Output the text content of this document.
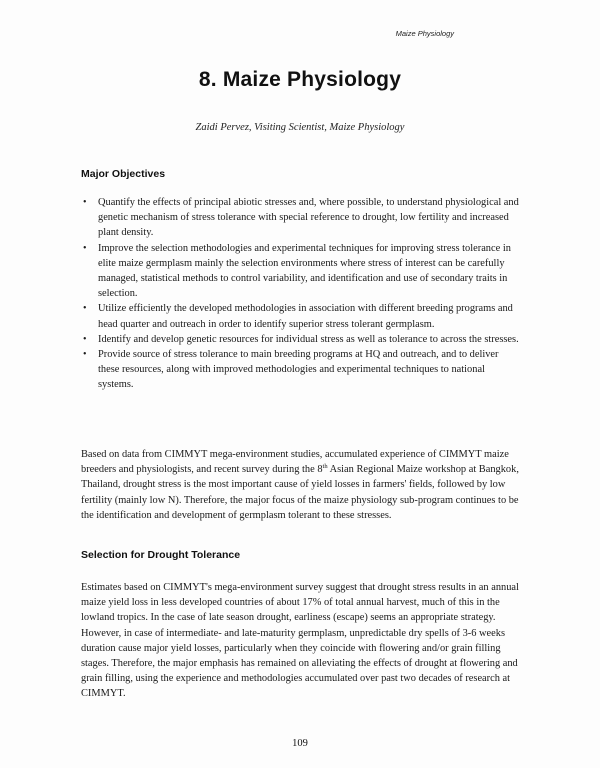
Maize Physiology
8. Maize Physiology
Zaidi Pervez, Visiting Scientist, Maize Physiology
Major Objectives
• Quantify the effects of principal abiotic stresses and, where possible, to understand physiological and genetic mechanism of stress tolerance with special reference to drought, low fertility and increased plant density.
• Improve the selection methodologies and experimental techniques for improving stress tolerance in elite maize germplasm mainly the selection environments where stress of interest can be carefully managed, statistical methods to control variability, and identification and use of secondary traits in selection.
• Utilize efficiently the developed methodologies in association with different breeding programs and head quarter and outreach in order to identify superior stress tolerant germplasm.
• Identify and develop genetic resources for individual stress as well as tolerance to across the stresses.
• Provide source of stress tolerance to main breeding programs at HQ and outreach, and to deliver these resources, along with improved methodologies and experimental techniques to national systems.

Based on data from CIMMYT mega-environment studies, accumulated experience of CIMMYT maize breeders and physiologists, and recent survey during the 8th Asian Regional Maize workshop at Bangkok, Thailand, drought stress is the most important cause of yield losses in farmers' fields, followed by low fertility (mainly low N). Therefore, the major focus of the maize physiology sub-program continues to be the identification and development of germplasm tolerant to these stresses.

Selection for Drought Tolerance

Estimates based on CIMMYT's mega-environment survey suggest that drought stress results in an annual maize yield loss in less developed countries of about 17% of total annual harvest, much of this in the lowland tropics. In the case of late season drought, earliness (escape) seems an appropriate strategy. However, in case of intermediate- and late-maturity germplasm, unpredictable dry spells of 3-6 weeks duration cause major yield losses, particularly when they coincide with flowering and/or grain filling stages. Therefore, the major emphasis has remained on alleviating the effects of drought at flowering and grain filling, using the experience and methodologies accumulated over past two decades of research at CIMMYT.

109
